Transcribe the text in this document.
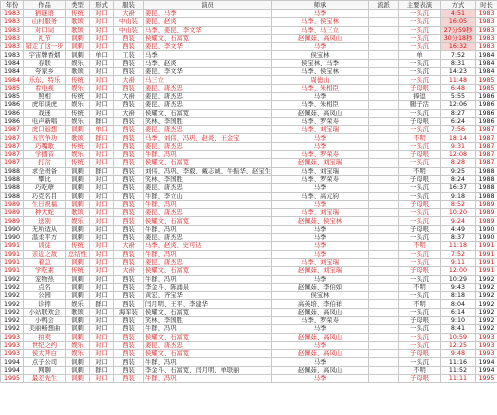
年份	作品	类型	形式	服装	演员	师承	流派	主要表演	方式	时长
1983	猜谜语	传统	对口	大褂	姜昆、马季	马季		一头沉	4:51	1983
1983	山村服务	歌颂	对口	中山装	姜昆、赵炎	马季、侯宝林		一头沉	16:05	1983
1983	对口词	歌颂	对口	中山装	马季、姜昆、李文华	马季、马三立		一头沉	27分59秒	1983
1983	礼节	讽刺	对口	西装	侯耀文、石富宽	赵佩茹、高凤山		一头沉	30分18秒	1983
1983	错走了这一步	讽刺	对口	西装	姜昆、李文华	马季		一头沉	16:32	1983
1983	宇宙牌香烟	讽刺	单口	工装	马季	侯宝林		单	7:52	1984
1984	春联	娱乐	对口	西装	马季、赵炎	侯宝林、马季		一头沉	8:31	1984
1984	夸家乡	歌颂	对口	西装	姜昆、李文华	马季、侯宝林		一头沉	14:23	1984
1984	乐东、特乐	传统	对口	大褂	马三立	周德山		一头沉	11:48	1985
1985	看电视	娱乐	对口	西装	姜昆、唐杰忠	马季、朱相臣		子母哏	6:48	1985
1985	照相	传统	对口	大褂	姜昆、唐杰忠	马季		捧逗	5:55	1986
1986	虎年谈虎	娱乐	对口	西装	姜昆、唐杰忠	马季、朱相臣		腿子活	12:06	1986
1986	戏迷	传统	对口	大褂	侯耀文、石富宽	赵佩茹、高凤山		一头沉	8:27	1986
1986	电声新唱	娱乐	群口	西装	笑林、李国胜	马季、罗荣寿		子母哏	6:24	1986
1987	虎口遐想	讽刺	单口	西装	姜昆、唐杰忠	马季、刘宝瑞		一头沉	7:56	1987
1987	五官争功	歌颂	群口	西装	马季、刘伟、冯巩、赵炎、王金宝	马季		不明	18:14	1987
1987	巧嘴歌	传统	对口	西装	姜昆、唐杰忠	马季		一头沉	9:31	1987
1987	学播音	娱乐	对口	西装	牛群、冯巩	马季、罗荣寿		子母哏	12:08	1987
1987	打岔	传统	对口	西装	侯耀文、石富宽	赵佩茹、刘宝瑞		一头沉	8:28	1987
1988	求全责备	讽刺	群口	西装	刘伟、冯巩、李毅、戴志诚、牛振华、赵宝生	马季、刘宝瑞		不明	9:25	1988
1988	攀比	讽刺	对口	西装	笑林、李国胜	马季、罗荣寿		子母哏	8:24	1988
1988	巧吃孽	讽刺	对口	西装	姜昆、唐杰忠	马季		一头沉	16:37	1988
1988	巧克名目	讽刺	对口	西装	牛群、李立山	马季、高元钧		一头沉	9:18	1988
1989	生日祝福	讽刺	对口	西装	牛群、冯巩	马季		子母哏	8:52	1989
1989	种大蛇	歌颂	对口	西装	姜昆、唐杰忠	马季、刘宝瑞		一头沉	10:20	1989
1989	送别	娱乐	对口	西装	侯耀文、石富宽	赵佩茹、侯宝林		一头沉	9:24	1989
1990	无所适从	讽刺	对口	西装	牛群、冯巩	马季		子母哏	4:49	1990
1990	温柔平方	讽刺	对口	西装	姜昆、唐杰忠	马季		一头沉	8:37	1990
1991	训徒	传统	对口	大褂	马季、赵炎、史可达	马季		不明	11:18	1991
1991	亲近之敌	总结性	对口	西装	牛群、冯巩	马季		一头沉	7:52	1991
1991	着急	讽刺	对口	西装	姜昆、唐杰忠	马季、刘宝瑞		一头沉	9:11	1991
1991	学吃素	传统	对口	大褂	侯耀文、石富宽	赵佩茹、刘宝瑞		子母哏	12:00	1991
1992	宠物热	讽刺	对口	西装	牛群、冯巩	马季		一头沉	10:29	1992
1992	点名	讽刺	对口	西装	李金斗、陈涌泉	赵佩茹、李伯如		不明	9:43	1992
1992	公园	讽刺	对口	西装	黄宏、齐宝华	侯宝林		一头沉	8:18	1992
1992	诊摔	娱乐	群口	西装	闫月明、王平、李建华	高英培、李伯祥		不明	8:04	1992
1992	小站联欢会	歌颂	对口	海军装	侯耀文、石富宽	赵佩茹、高凤山		一头沉	6:14	1992
1992	小鸭会	讽刺	对口	西装	笑林、李国胜	马季、罗荣寿		子母哏	9:10	1992
1992	美丽畅想曲	讽刺	对口	西装	牛群、冯巩	马季		一头沉	8:41	1992
1993	拍卖	讽刺	对口	西装	侯耀文、石富宽	赵佩茹、高凤山		一头沉	10:59	1993
1993	世纪之约	娱乐	对口	西装	姜昆、唐杰忠	马季		一头沉	12:25	1993
1993	侯大拜白	娱乐	对口	西装	侯耀文、石富宽	赵佩茹、高凤山		子母哏	9:48	1993
1994	点子公司	讽刺	对口	西装	牛群、冯巩	马季		一头沉	11:16	1994
1994	网聊	讽刺	群口	西装	李金斗、石富宽、闫月明、单联丽	赵佩茹、高凤山		不明	11:52	1994
1995	最差先生	讽刺	对口	西装	牛群、冯巩	马季		子母哏	11:11	1995
